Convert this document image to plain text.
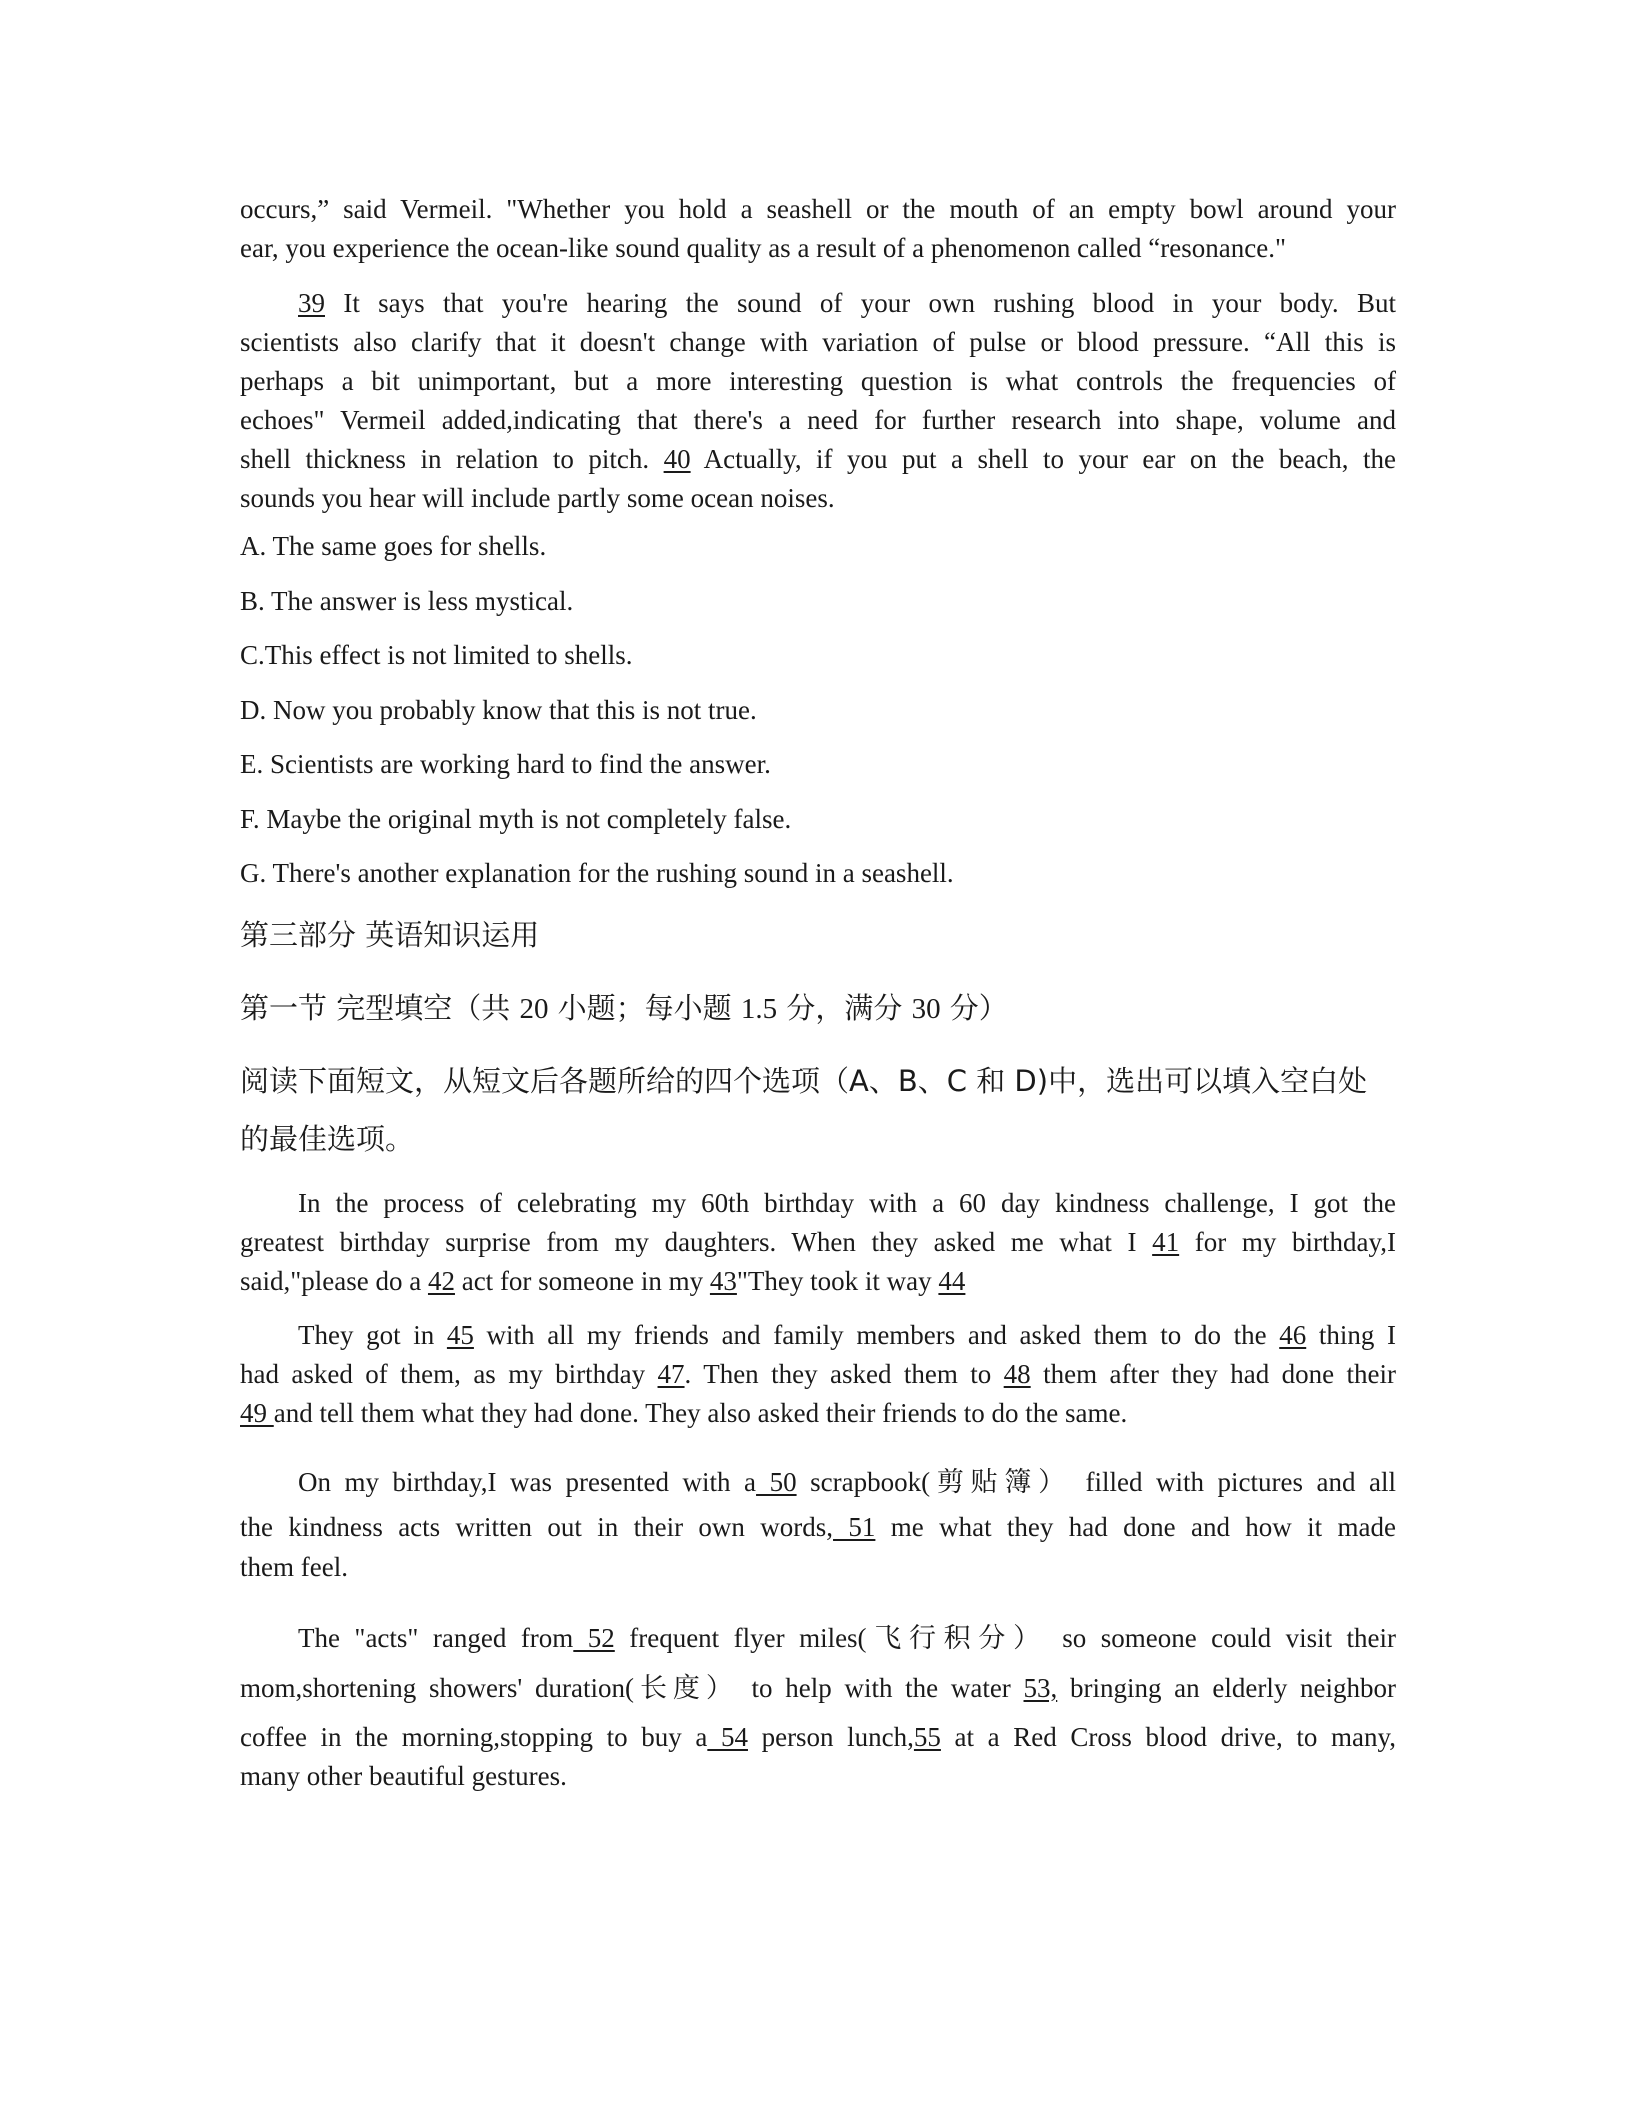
occurs,” said Vermeil. "Whether you hold a seashell or the mouth of an empty bowl around your
ear, you experience the ocean-like sound quality as a result of a phenomenon called “resonance."
39 It says that you're hearing the sound of your own rushing blood in your body. But
scientists also clarify that it doesn't change with variation of pulse or blood pressure. “All this is
perhaps a bit unimportant, but a more interesting question is what controls the frequencies of
echoes" Vermeil added,indicating that there's a need for further research into shape, volume and
shell thickness in relation to pitch. 40 Actually, if you put a shell to your ear on the beach, the
sounds you hear will include partly some ocean noises.
A. The same goes for shells.
B. The answer is less mystical.
C.This effect is not limited to shells.
D. Now you probably know that this is not true.
E. Scientists are working hard to find the answer.
F. Maybe the original myth is not completely false.
G. There's another explanation for the rushing sound in a seashell.
第三部分 英语知识运用
第一节 完型填空（共 20 小题；每小题 1.5 分，满分 30 分）
阅读下面短文，从短文后各题所给的四个选项（A、B、C 和 D)中，选出可以填入空白处
的最佳选项。
In the process of celebrating my 60th birthday with a 60 day kindness challenge, I got the
greatest birthday surprise from my daughters. When they asked me what I 41 for my birthday,I
said,"please do a 42 act for someone in my 43"They took it way 44
They got in 45 with all my friends and family members and asked them to do the 46 thing I
had asked of them, as my birthday 47. Then they asked them to 48 them after they had done their
49 and tell them what they had done. They also asked their friends to do the same.
On my birthday,I was presented with a 50 scrapbook(剪贴簿） filled with pictures and all
the kindness acts written out in their own words, 51 me what they had done and how it made
them feel.
The "acts" ranged from 52 frequent flyer miles(飞行积分） so someone could visit their
mom,shortening showers' duration(长度） to help with the water 53, bringing an elderly neighbor
coffee in the morning,stopping to buy a 54 person lunch,55 at a Red Cross blood drive, to many,
many other beautiful gestures.
